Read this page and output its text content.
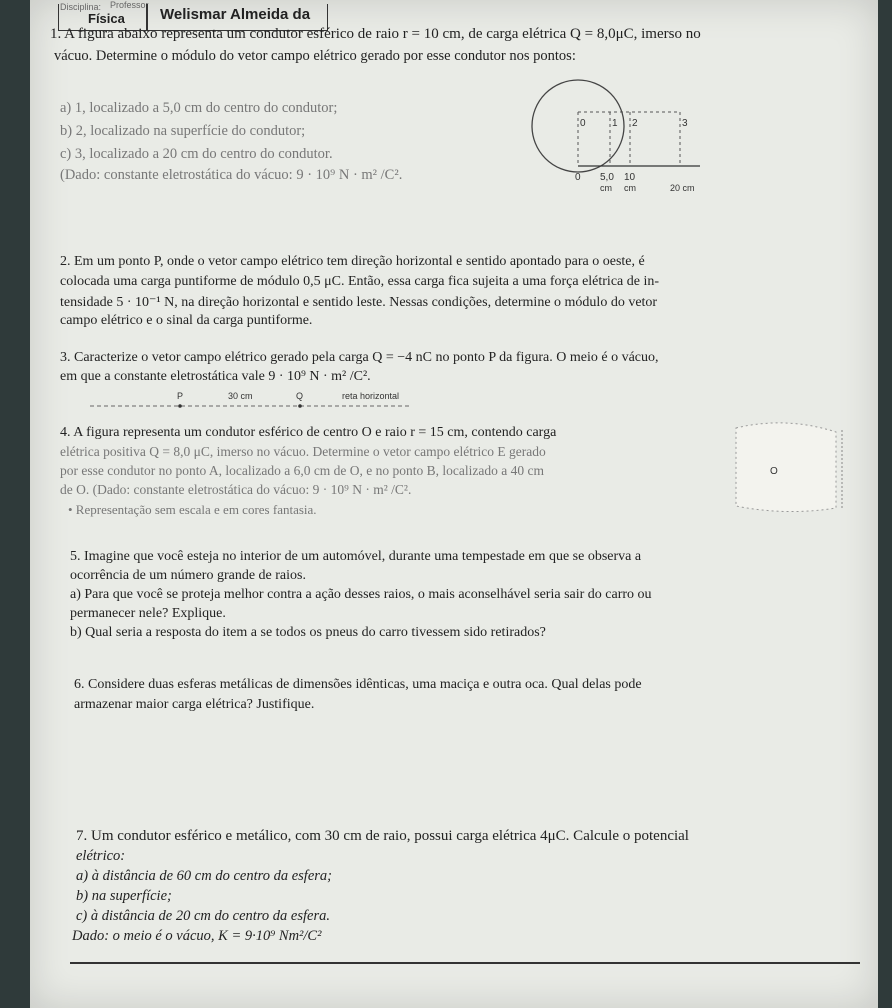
Disciplina: Professor
Física Welismar Almeida da
1. A figura abaixo representa um condutor esférico de raio r = 10 cm, de carga elétrica Q = 8,0μC, imerso no
vácuo. Determine o módulo do vetor campo elétrico gerado por esse condutor nos pontos:
a) 1, localizado a 5,0 cm do centro do condutor;
b) 2, localizado na superfície do condutor;
c) 3, localizado a 20 cm do centro do condutor.
(Dado: constante eletrostática do vácuo: 9 · 10⁹ N · m² /C².
0	1 2	3
0 5,0 10
cm cm	20 cm
2. Em um ponto P, onde o vetor campo elétrico tem direção horizontal e sentido apontado para o oeste, é
colocada uma carga puntiforme de módulo 0,5 μC. Então, essa carga fica sujeita a uma força elétrica de in-
tensidade 5 · 10⁻¹ N, na direção horizontal e sentido leste. Nessas condições, determine o módulo do vetor
campo elétrico e o sinal da carga puntiforme.
3. Caracterize o vetor campo elétrico gerado pela carga Q = −4 nC no ponto P da figura. O meio é o vácuo,
em que a constante eletrostática vale 9 · 10⁹ N · m² /C².
P	30 cm	Q	reta horizontal
4. A figura representa um condutor esférico de centro O e raio r = 15 cm, contendo carga
elétrica positiva Q = 8,0 μC, imerso no vácuo. Determine o vetor campo elétrico E gerado
por esse condutor no ponto A, localizado a 6,0 cm de O, e no ponto B, localizado a 40 cm
de O. (Dado: constante eletrostática do vácuo: 9 · 10⁹ N · m² /C².
• Representação sem escala e em cores fantasia.
O
5. Imagine que você esteja no interior de um automóvel, durante uma tempestade em que se observa a
ocorrência de um número grande de raios.
a) Para que você se proteja melhor contra a ação desses raios, o mais aconselhável seria sair do carro ou
permanecer nele? Explique.
b) Qual seria a resposta do item a se todos os pneus do carro tivessem sido retirados?
6. Considere duas esferas metálicas de dimensões idênticas, uma maciça e outra oca. Qual delas pode
armazenar maior carga elétrica? Justifique.
7. Um condutor esférico e metálico, com 30 cm de raio, possui carga elétrica 4μC. Calcule o potencial
elétrico:
a) à distância de 60 cm do centro da esfera;
b) na superfície;
c) à distância de 20 cm do centro da esfera.
Dado: o meio é o vácuo, K = 9·10⁹ Nm²/C²
